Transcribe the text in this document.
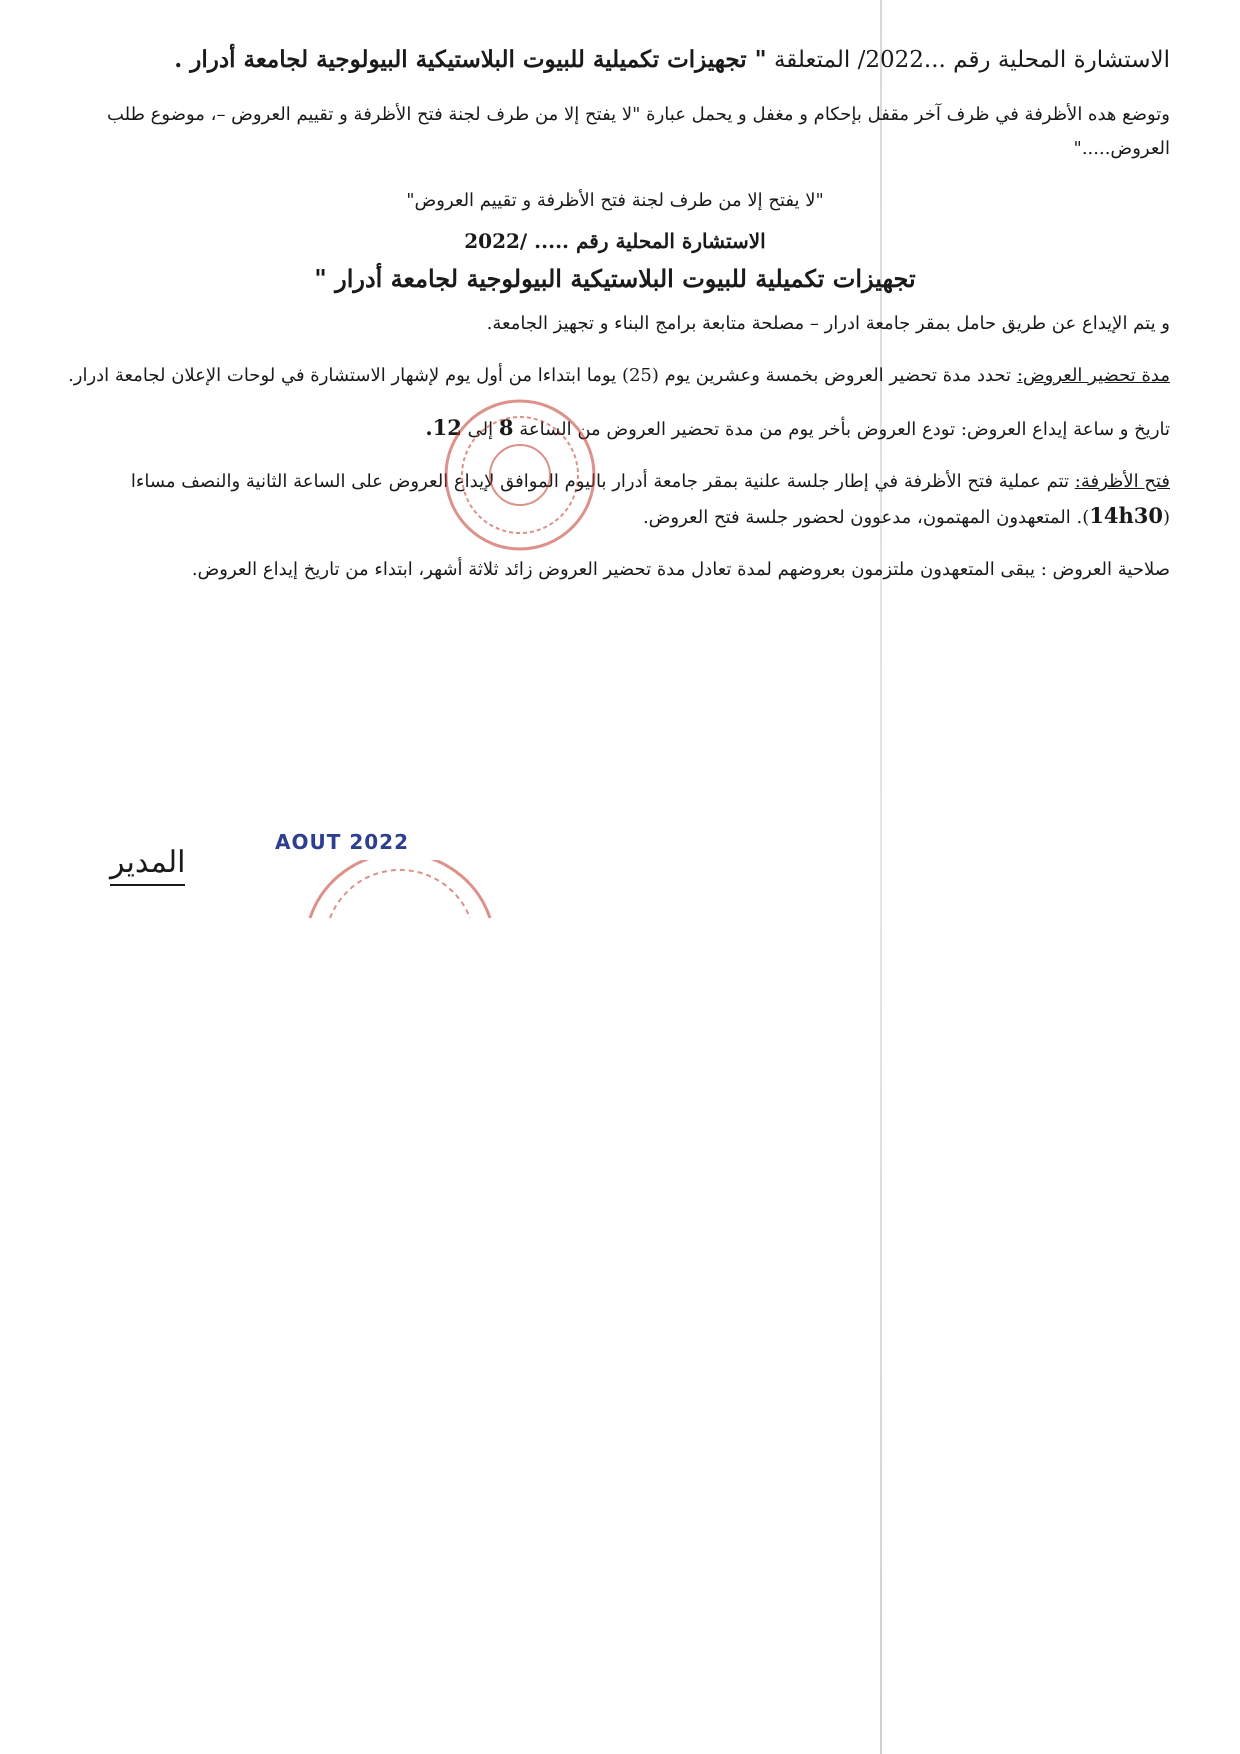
الاستشارة المحلية رقم ...2022/ المتعلقة " تجهيزات تكميلية للبيوت البلاستيكية البيولوجية لجامعة أدرار .

وتوضع هده الأظرفة في ظرف آخر مقفل بإحكام و مغفل و يحمل عبارة "لا يفتح إلا من طرف لجنة فتح الأظرفة و تقييم العروض –، موضوع طلب العروض....."

"لا يفتح إلا من طرف لجنة فتح الأظرفة و تقييم العروض"

الاستشارة المحلية رقم ..... /2022

تجهيزات تكميلية للبيوت البلاستيكية البيولوجية لجامعة أدرار "

و يتم الإيداع عن طريق حامل بمقر جامعة ادرار – مصلحة متابعة برامج البناء و تجهيز الجامعة.

مدة تحضير العروض: تحدد مدة تحضير العروض بخمسة وعشرين يوم (25) يوما ابتداءا من أول يوم لإشهار الاستشارة في لوحات الإعلان لجامعة ادرار.

تاريخ و ساعة إيداع العروض: تودع العروض بأخر يوم من مدة تحضير العروض من الساعة 8 إلى 12.

فتح الأظرفة: تتم عملية فتح الأظرفة في إطار جلسة علنية بمقر جامعة أدرار باليوم الموافق لإيداع العروض على الساعة الثانية والنصف مساءا (14h30). المتعهدون المهتمون، مدعوون لحضور جلسة فتح العروض.

صلاحية العروض : يبقى المتعهدون ملتزمون بعروضهم لمدة تعادل مدة تحضير العروض زائد ثلاثة أشهر، ابتداء من تاريخ إيداع العروض.

AOUT 2022
المدير
